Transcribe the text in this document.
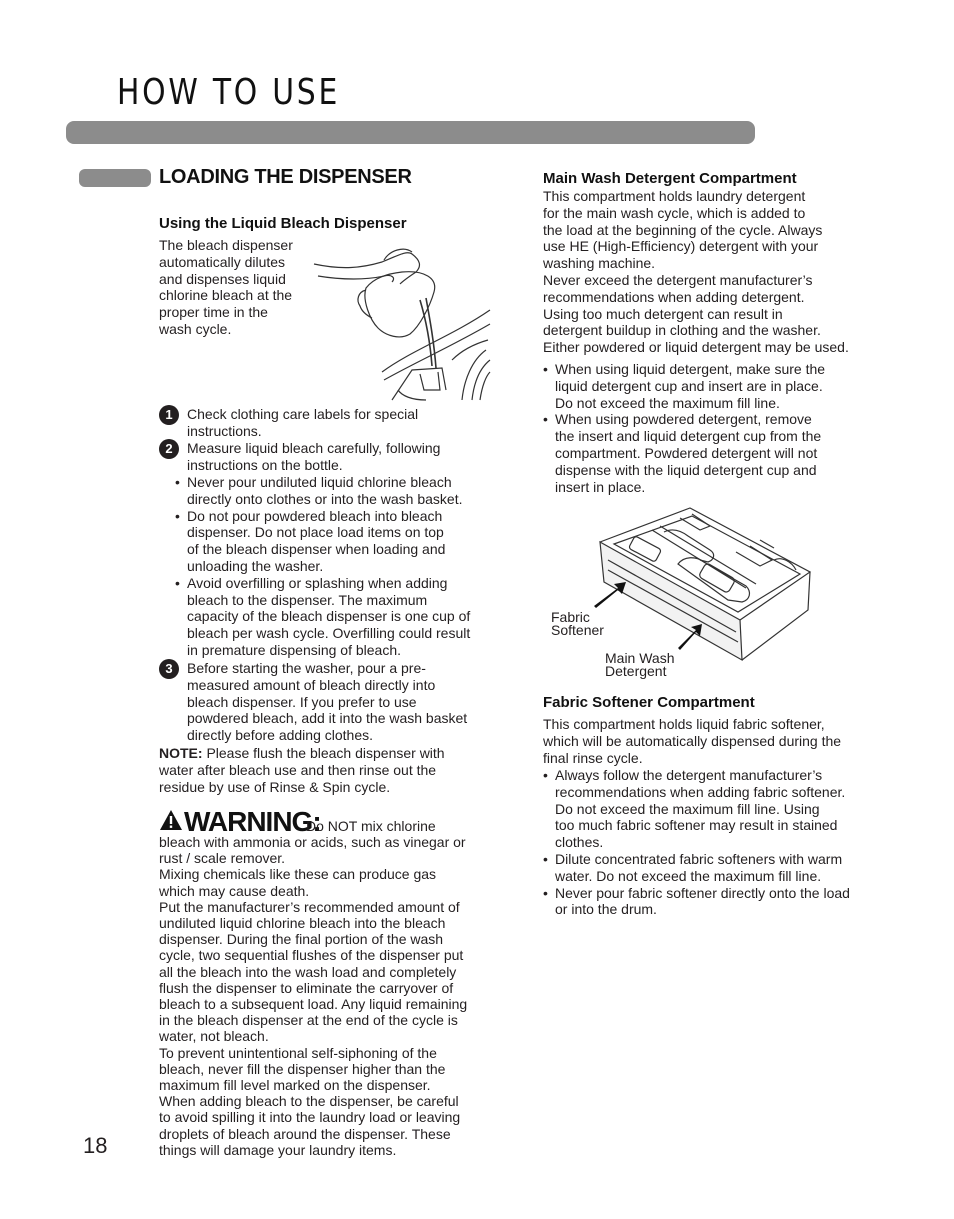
HOW TO USE
LOADING THE DISPENSER
Using the Liquid Bleach Dispenser
The bleach dispenser
automatically dilutes
and dispenses liquid
chlorine bleach at the
proper time in the
wash cycle.
1	Check clothing care labels for special
instructions.
2	Measure liquid bleach carefully, following
instructions on the bottle.
• Never pour undiluted liquid chlorine bleach
directly onto clothes or into the wash basket.
• Do not pour powdered bleach into bleach
dispenser. Do not place load items on top
of the bleach dispenser when loading and
unloading the washer.
• Avoid overfilling or splashing when adding
bleach to the dispenser. The maximum
capacity of the bleach dispenser is one cup of
bleach per wash cycle. Overfilling could result
in premature dispensing of bleach.
3	Before starting the washer, pour a pre-
measured amount of bleach directly into
bleach dispenser. If you prefer to use
powdered bleach, add it into the wash basket
directly before adding clothes.
NOTE: Please flush the bleach dispenser with
water after bleach use and then rinse out the
residue by use of Rinse & Spin cycle.
WARNING:
Do NOT mix chlorine
bleach with ammonia or acids, such as vinegar or
rust / scale remover.
Mixing chemicals like these can produce gas
which may cause death.
Put the manufacturer’s recommended amount of
undiluted liquid chlorine bleach into the bleach
dispenser. During the final portion of the wash
cycle, two sequential flushes of the dispenser put
all the bleach into the wash load and completely
flush the dispenser to eliminate the carryover of
bleach to a subsequent load. Any liquid remaining
in the bleach dispenser at the end of the cycle is
water, not bleach.
To prevent unintentional self-siphoning of the
bleach, never fill the dispenser higher than the
maximum fill level marked on the dispenser.
When adding bleach to the dispenser, be careful
to avoid spilling it into the laundry load or leaving
droplets of bleach around the dispenser. These
things will damage your laundry items.
18
Main Wash Detergent Compartment
This compartment holds laundry detergent
for the main wash cycle, which is added to
the load at the beginning of the cycle. Always
use HE (High-Efficiency) detergent with your
washing machine.
Never exceed the detergent manufacturer’s
recommendations when adding detergent.
Using too much detergent can result in
detergent buildup in clothing and the washer.
Either powdered or liquid detergent may be used.
• When using liquid detergent, make sure the
liquid detergent cup and insert are in place.
Do not exceed the maximum fill line.
• When using powdered detergent, remove
the insert and liquid detergent cup from the
compartment. Powdered detergent will not
dispense with the liquid detergent cup and
insert in place.
Fabric
Softener
Main Wash
Detergent
Fabric Softener Compartment
This compartment holds liquid fabric softener,
which will be automatically dispensed during the
final rinse cycle.
• Always follow the detergent manufacturer’s
recommendations when adding fabric softener.
Do not exceed the maximum fill line. Using
too much fabric softener may result in stained
clothes.
• Dilute concentrated fabric softeners with warm
water. Do not exceed the maximum fill line.
• Never pour fabric softener directly onto the load
or into the drum.
